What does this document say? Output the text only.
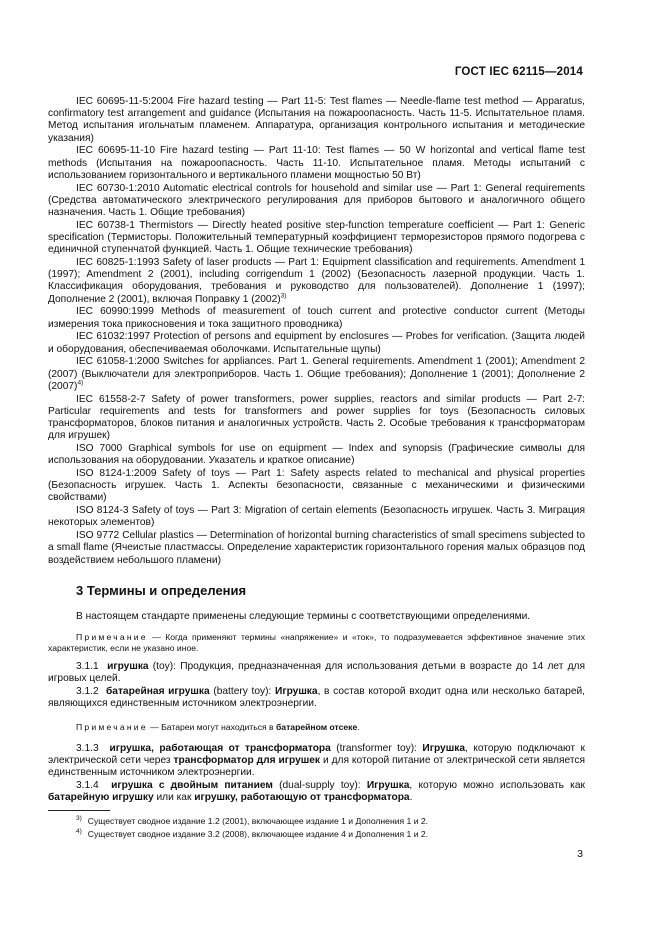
ГОСТ IEC 62115—2014

IEC 60695-11-5:2004 Fire hazard testing — Part 11-5: Test flames — Needle-flame test method — Apparatus, confirmatory test arrangement and guidance (Испытания на пожароопасность. Часть 11-5. Испытательное пламя. Метод испытания игольчатым пламенем. Аппаратура, организация контрольного испытания и методические указания)

IEC 60695-11-10 Fire hazard testing — Part 11-10: Test flames — 50 W horizontal and vertical flame test methods (Испытания на пожароопасность. Часть 11-10. Испытательное пламя. Методы испытаний с использованием горизонтального и вертикального пламени мощностью 50 Вт)

IEC 60730-1:2010 Automatic electrical controls for household and similar use — Part 1: General requirements (Средства автоматического электрического регулирования для приборов бытового и аналогичного общего назначения. Часть 1. Общие требования)

IEC 60738-1 Thermistors — Directly heated positive step-function temperature coefficient — Part 1: Generic specification (Термисторы. Положительный температурный коэффициент терморезисторов прямого подогрева с единичной ступенчатой функцией. Часть 1. Общие технические требования)

IEC 60825-1:1993 Safety of laser products — Part 1: Equipment classification and requirements. Amendment 1 (1997); Amendment 2 (2001), including corrigendum 1 (2002) (Безопасность лазерной продукции. Часть 1. Классификация оборудования, требования и руководство для пользователей). Дополнение 1 (1997); Дополнение 2 (2001), включая Поправку 1 $(2002)^{3)}$

IEC 60990:1999 Methods of measurement of touch current and protective conductor current (Методы измерения тока прикосновения и тока защитного проводника)

IEC 61032:1997 Protection of persons and equipment by enclosures — Probes for verification. (Защита людей и оборудования, обеспечиваемая оболочками. Испытательные щупы)

IEC 61058-1:2000 Switches for appliances. Part 1. General requirements. Amendment 1 (2001); Amendment 2 (2007) (Выключатели для электроприборов. Часть 1. Общие требования); Дополнение 1 (2001); Дополнение 2 $(2007)^{4)}$

IEC 61558-2-7 Safety of power transformers, power supplies, reactors and similar products — Part 2-7: Particular requirements and tests for transformers and power supplies for toys (Безопасность силовых трансформаторов, блоков питания и аналогичных устройств. Часть 2. Особые требования к трансформаторам для игрушек)

ISO 7000 Graphical symbols for use on equipment — Index and synopsis (Графические символы для использования на оборудовании. Указатель и краткое описание)

ISO 8124-1:2009 Safety of toys — Part 1: Safety aspects related to mechanical and physical properties (Безопасность игрушек. Часть 1. Аспекты безопасности, связанные с механическими и физическими свойствами)

ISO 8124-3 Safety of toys — Part 3: Migration of certain elements (Безопасность игрушек. Часть 3. Миграция некоторых элементов)

ISO 9772 Cellular plastics — Determination of horizontal burning characteristics of small specimens subjected to a small flame (Ячеистые пластмассы. Определение характеристик горизонтального горения малых образцов под воздействием небольшого пламени)

3 Термины и определения

В настоящем стандарте применены следующие термины с соответствующими определениями.

Примечание — Когда применяют термины «напряжение» и «ток», то подразумевается эффективное значение этих характеристик, если не указано иное.

3.1.1 игрушка (toy): Продукция, предназначенная для использования детьми в возрасте до 14 лет для игровых целей.

3.1.2 батарейная игрушка (battery toy): Игрушка, в состав которой входит одна или несколько батарей, являющихся единственным источником электроэнергии.

Примечание — Батареи могут находиться в батарейном отсеке.

3.1.3 игрушка, работающая от трансформатора (transformer toy): Игрушка, которую подключают к электрической сети через трансформатор для игрушек и для которой питание от электрической сети является единственным источником электроэнергии.

3.1.4 игрушка с двойным питанием (dual-supply toy): Игрушка, которую можно использовать как батарейную игрушку или как игрушку, работающую от трансформатора.

$^{3)}$ Существует сводное издание 1.2 (2001), включающее издание 1 и Дополнения 1 и 2.

$^{4)}$ Существует сводное издание 3.2 (2008), включающее издание 4 и Дополнения 1 и 2.

3
